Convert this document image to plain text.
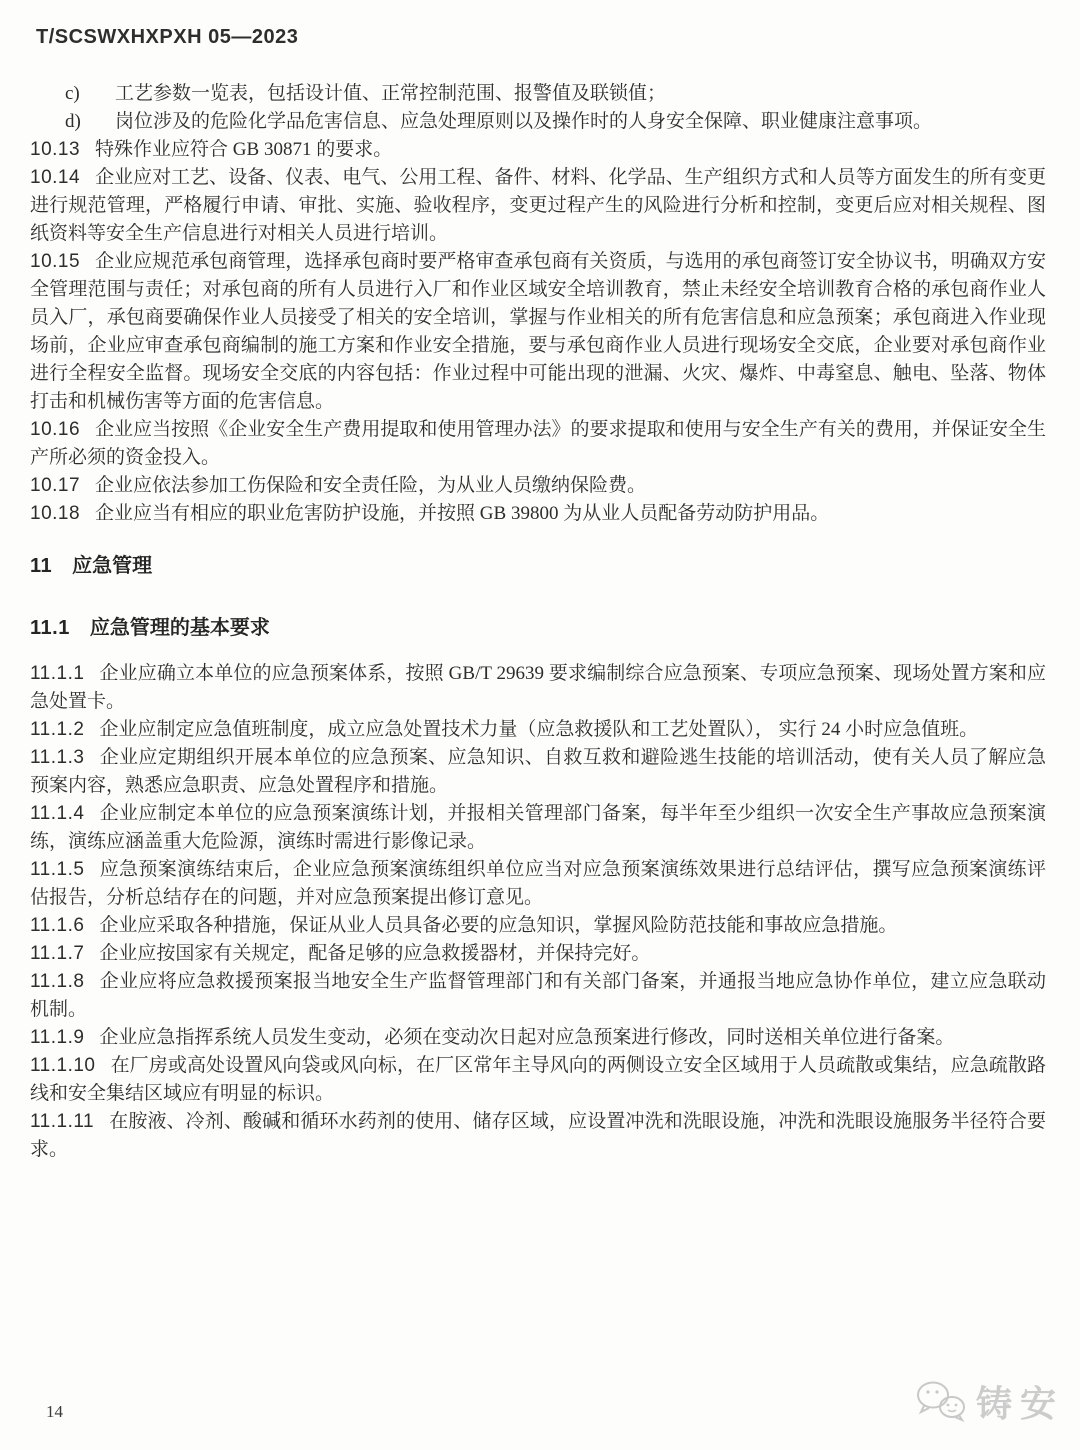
T/SCSWXHXPXH 05—2023
c) 工艺参数一览表，包括设计值、正常控制范围、报警值及联锁值；
d) 岗位涉及的危险化学品危害信息、应急处理原则以及操作时的人身安全保障、职业健康注意事项。
10.13 特殊作业应符合 GB 30871 的要求。
10.14 企业应对工艺、设备、仪表、电气、公用工程、备件、材料、化学品、生产组织方式和人员等方面发生的所有变更进行规范管理，严格履行申请、审批、实施、验收程序，变更过程产生的风险进行分析和控制，变更后应对相关规程、图纸资料等安全生产信息进行对相关人员进行培训。
10.15 企业应规范承包商管理，选择承包商时要严格审查承包商有关资质，与选用的承包商签订安全协议书，明确双方安全管理范围与责任；对承包商的所有人员进行入厂和作业区域安全培训教育，禁止未经安全培训教育合格的承包商作业人员入厂，承包商要确保作业人员接受了相关的安全培训，掌握与作业相关的所有危害信息和应急预案；承包商进入作业现场前，企业应审查承包商编制的施工方案和作业安全措施，要与承包商作业人员进行现场安全交底，企业要对承包商作业进行全程安全监督。现场安全交底的内容包括：作业过程中可能出现的泄漏、火灾、爆炸、中毒窒息、触电、坠落、物体打击和机械伤害等方面的危害信息。
10.16 企业应当按照《企业安全生产费用提取和使用管理办法》的要求提取和使用与安全生产有关的费用，并保证安全生产所必须的资金投入。
10.17 企业应依法参加工伤保险和安全责任险，为从业人员缴纳保险费。
10.18 企业应当有相应的职业危害防护设施，并按照 GB 39800 为从业人员配备劳动防护用品。
11 应急管理
11.1 应急管理的基本要求
11.1.1 企业应确立本单位的应急预案体系，按照 GB/T 29639 要求编制综合应急预案、专项应急预案、现场处置方案和应急处置卡。
11.1.2 企业应制定应急值班制度，成立应急处置技术力量（应急救援队和工艺处置队）， 实行 24 小时应急值班。
11.1.3 企业应定期组织开展本单位的应急预案、应急知识、自救互救和避险逃生技能的培训活动，使有关人员了解应急预案内容，熟悉应急职责、应急处置程序和措施。
11.1.4 企业应制定本单位的应急预案演练计划，并报相关管理部门备案，每半年至少组织一次安全生产事故应急预案演练，演练应涵盖重大危险源，演练时需进行影像记录。
11.1.5 应急预案演练结束后，企业应急预案演练组织单位应当对应急预案演练效果进行总结评估，撰写应急预案演练评估报告，分析总结存在的问题，并对应急预案提出修订意见。
11.1.6 企业应采取各种措施，保证从业人员具备必要的应急知识，掌握风险防范技能和事故应急措施。
11.1.7 企业应按国家有关规定，配备足够的应急救援器材，并保持完好。
11.1.8 企业应将应急救援预案报当地安全生产监督管理部门和有关部门备案，并通报当地应急协作单位，建立应急联动机制。
11.1.9 企业应急指挥系统人员发生变动，必须在变动次日起对应急预案进行修改，同时送相关单位进行备案。
11.1.10 在厂房或高处设置风向袋或风向标，在厂区常年主导风向的两侧设立安全区域用于人员疏散或集结，应急疏散路线和安全集结区域应有明显的标识。
11.1.11 在胺液、冷剂、酸碱和循环水药剂的使用、储存区域，应设置冲洗和洗眼设施，冲洗和洗眼设施服务半径符合要求。
14	铸安
